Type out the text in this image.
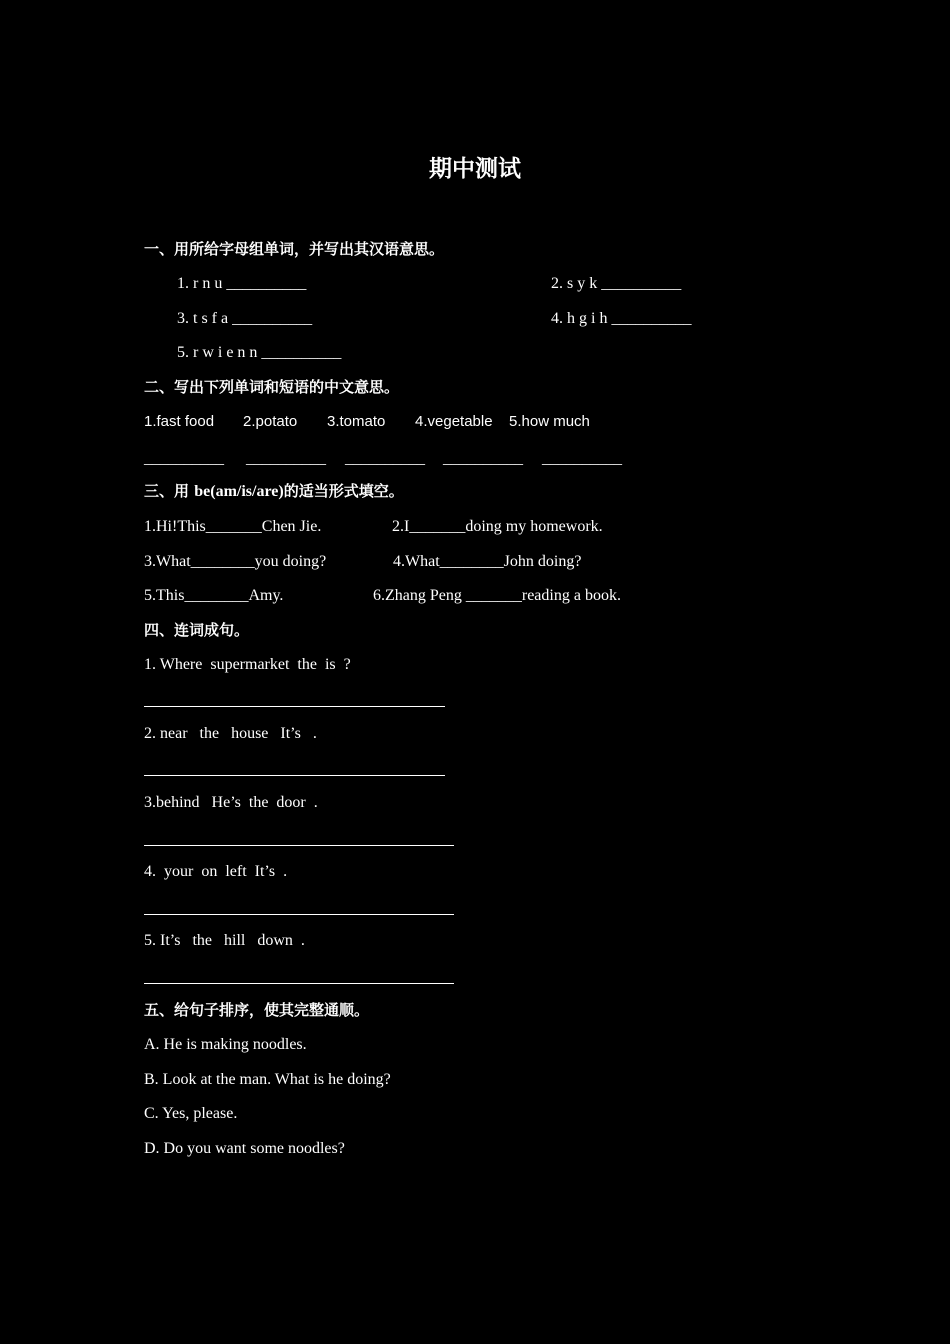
期中测试
一、用所给字母组单词，并写出其汉语意思。
1. r n u __________	2. s y k __________
3. t s f a __________	4. h g i h __________
5. r w i e n n __________
二、写出下列单词和短语的中文意思。
1.fast food 2.potato 3.tomato 4.vegetable 5.how much
__________ __________ __________ __________ __________
三、用 be(am/is/are)的适当形式填空。
1.Hi!This_______Chen Jie.	2.I_______doing my homework.
3.What________you doing?	4.What________John doing?
5.This________Amy.	6.Zhang Peng _______reading a book.
四、连词成句。
1. Where  supermarket  the  is  ?
2. near   the   house   It’s   .
3.behind   He’s  the  door  .
4.  your  on  left  It’s  .
5. It’s   the   hill   down  .
五、给句子排序，使其完整通顺。
A. He is making noodles.
B. Look at the man. What is he doing?
C. Yes, please.
D. Do you want some noodles?
